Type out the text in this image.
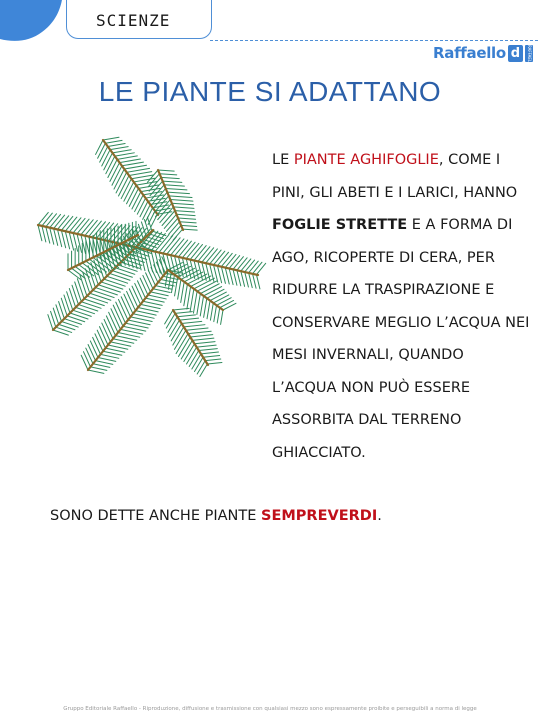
SCIENZE
Raffaello d	RAFFAELLO
LE PIANTE SI ADATTANO
LE PIANTE AGHIFOGLIE, COME I PINI, GLI ABETI E I LARICI, HANNO FOGLIE STRETTE E A FORMA DI AGO, RICOPERTE DI CERA, PER RIDURRE LA TRASPIRAZIONE E CONSERVARE MEGLIO L’ACQUA NEI MESI INVERNALI, QUANDO L’ACQUA NON PUÒ ESSERE ASSORBITA DAL TERRENO GHIACCIATO.
SONO DETTE ANCHE PIANTE SEMPREVERDI.
Gruppo Editoriale Raffaello - Riproduzione, diffusione e trasmissione con qualsiasi mezzo sono espressamente proibite e perseguibili a norma di legge
